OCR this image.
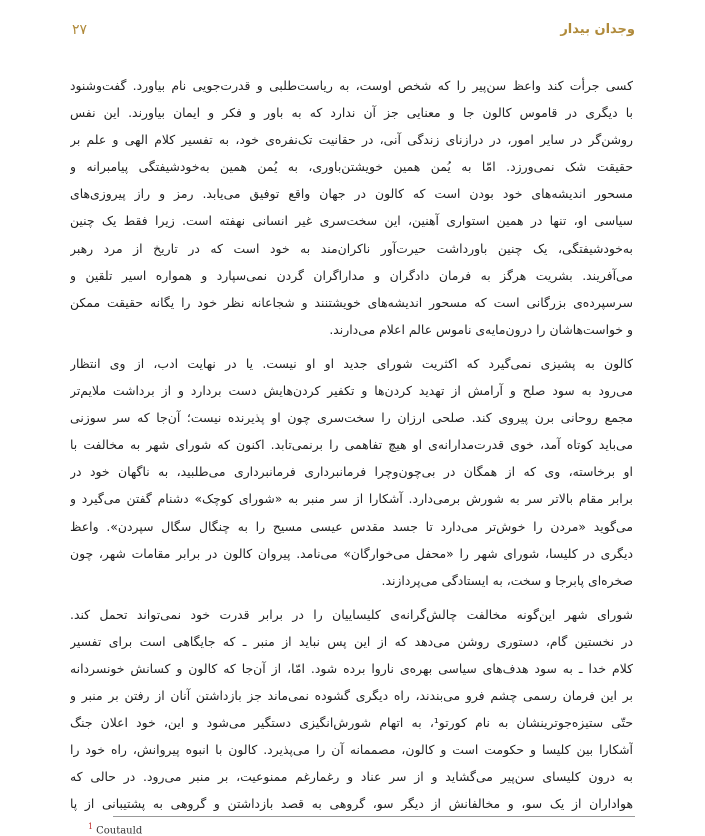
وجدان بیدار
۲۷

کسی جرأت کند واعظ سن‌پیر را که شخص اوست، به ریاست‌طلبی و قدرت‌جویی نام بیاورد. گفت‌وشنود
با دیگری در قاموس کالون جا و معنایی جز آن ندارد که به باور و فکر و ایمان بیاورند. این نفس
روشن‌گر در سایر امور، در درازنای زندگی آنی، در حقانیت تک‌نفره‌ی خود، به تفسیر کلام الهی و علم بر
حقیقت شک نمی‌ورزد. امّا به یُمن همین خویشتن‌باوری، به یُمن همین به‌خودشیفتگی پیامبرانه و
مسحور اندیشه‌های خود بودن است که کالون در جهان واقع توفیق می‌یابد. رمز و راز پیروزی‌های
سیاسی او، تنها در همین استواری آهنین، این سخت‌سری غیر انسانی نهفته است. زیرا فقط یک چنین
به‌خودشیفتگی، یک چنین باورداشت حیرت‌آور ناکران‌مند به خود است که در تاریخ از مرد رهبر
می‌آفریند. بشریت هرگز به فرمان دادگران و مداراگران گردن نمی‌سپارد و همواره اسیر تلقین و
سرسپرده‌ی بزرگانی است که مسحور اندیشه‌های خویشتنند و شجاعانه نظر خود را یگانه حقیقت ممکن
و خواست‌هاشان را درون‌مایه‌ی ناموس عالم اعلام می‌دارند.

کالون به پشیزی نمی‌گیرد که اکثریت شورای جدید او او نیست. یا در نهایت ادب، از وی انتظار
می‌رود به سود صلح و آرامش از تهدید کردن‌ها و تکفیر کردن‌هایش دست بردارد و از برداشت ملایم‌تر
مجمع روحانی برن پیروی کند. صلحی ارزان را سخت‌سری چون او پذیرنده نیست؛ آن‌جا که سر سوزنی
می‌باید کوتاه آمد، خوی قدرت‌مدارانه‌ی او هیچ تفاهمی را برنمی‌تابد. اکنون که شورای شهر به مخالفت با
او برخاسته، وی که از همگان در بی‌چون‌وچرا فرمانبرداری فرمانبرداری می‌طلبید، به ناگهان خود در
برابر مقام بالاتر سر به شورش برمی‌دارد. آشکارا از سر منبر به «شورای کوچک» دشنام گفتن می‌گیرد و
می‌گوید «مردن را خوش‌تر می‌دارد تا جسد مقدس عیسی مسیح را به چنگال سگال سپردن». واعظ
دیگری در کلیسا، شورای شهر را «محفل می‌خوارگان» می‌نامد. پیروان کالون در برابر مقامات شهر، چون
صخره‌ای پابرجا و سخت، به ایستادگی می‌پردازند.

شورای شهر این‌گونه مخالفت چالش‌گرانه‌ی کلیساییان را در برابر قدرت خود نمی‌تواند تحمل کند.
در نخستین گام، دستوری روشن می‌دهد که از این پس نباید از منبر ـ که جایگاهی است برای تفسیر
کلام خدا ـ به سود هدف‌های سیاسی بهره‌ی ناروا برده شود. امّا، از آن‌جا که کالون و کسانش خونسردانه
بر این فرمان رسمی چشم فرو می‌بندند، راه دیگری گشوده نمی‌ماند جز بازداشتن آنان از رفتن بر منبر و
حتّی ستیزه‌جوترینشان به نام کورتو¹، به اتهام شورش‌انگیزی دستگیر می‌شود و این، خود اعلان جنگ
آشکارا بین کلیسا و حکومت است و کالون، مصممانه آن را می‌پذیرد. کالون با انبوه پیروانش، راه خود را
به درون کلیسای سن‌پیر می‌گشاید و از سر عناد و رغمارغم ممنوعیت، بر منبر می‌رود. در حالی که
هواداران از یک سو، و مخالفانش از دیگر سو، گروهی به قصد بازداشتن و گروهی به پشتیبانی از پا

$^1$ Coutauld
